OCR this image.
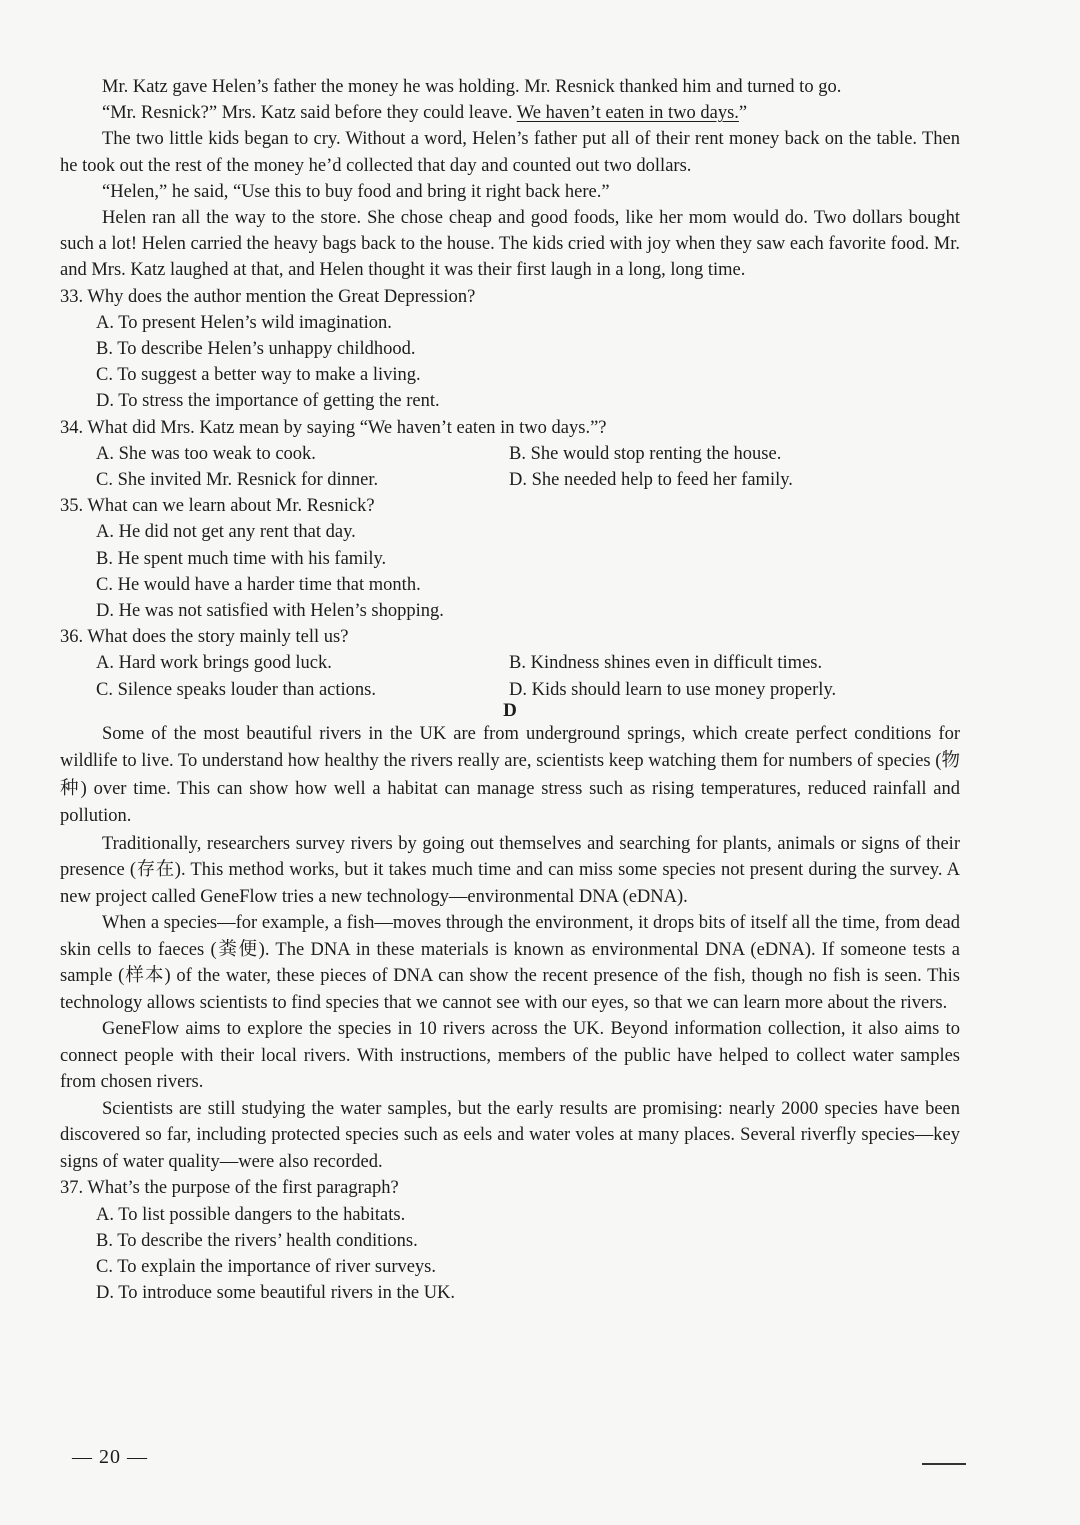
Mr. Katz gave Helen’s father the money he was holding. Mr. Resnick thanked him and turned to go.
“Mr. Resnick?” Mrs. Katz said before they could leave. We haven’t eaten in two days.”
The two little kids began to cry. Without a word, Helen’s father put all of their rent money back on the table. Then he took out the rest of the money he’d collected that day and counted out two dollars.
“Helen,” he said, “Use this to buy food and bring it right back here.”
Helen ran all the way to the store. She chose cheap and good foods, like her mom would do. Two dollars bought such a lot! Helen carried the heavy bags back to the house. The kids cried with joy when they saw each favorite food. Mr. and Mrs. Katz laughed at that, and Helen thought it was their first laugh in a long, long time.
33. Why does the author mention the Great Depression?
A. To present Helen’s wild imagination.
B. To describe Helen’s unhappy childhood.
C. To suggest a better way to make a living.
D. To stress the importance of getting the rent.
34. What did Mrs. Katz mean by saying “We haven’t eaten in two days.”?
A. She was too weak to cook.	B. She would stop renting the house.
C. She invited Mr. Resnick for dinner.	D. She needed help to feed her family.
35. What can we learn about Mr. Resnick?
A. He did not get any rent that day.
B. He spent much time with his family.
C. He would have a harder time that month.
D. He was not satisfied with Helen’s shopping.
36. What does the story mainly tell us?
A. Hard work brings good luck.	B. Kindness shines even in difficult times.
C. Silence speaks louder than actions.	D. Kids should learn to use money properly.
D
Some of the most beautiful rivers in the UK are from underground springs, which create perfect conditions for wildlife to live. To understand how healthy the rivers really are, scientists keep watching them for numbers of species (物种) over time. This can show how well a habitat can manage stress such as rising temperatures, reduced rainfall and pollution.
Traditionally, researchers survey rivers by going out themselves and searching for plants, animals or signs of their presence (存在). This method works, but it takes much time and can miss some species not present during the survey. A new project called GeneFlow tries a new technology—environmental DNA (eDNA).
When a species—for example, a fish—moves through the environment, it drops bits of itself all the time, from dead skin cells to faeces (粪便). The DNA in these materials is known as environmental DNA (eDNA). If someone tests a sample (样本) of the water, these pieces of DNA can show the recent presence of the fish, though no fish is seen. This technology allows scientists to find species that we cannot see with our eyes, so that we can learn more about the rivers.
GeneFlow aims to explore the species in 10 rivers across the UK. Beyond information collection, it also aims to connect people with their local rivers. With instructions, members of the public have helped to collect water samples from chosen rivers.
Scientists are still studying the water samples, but the early results are promising: nearly 2000 species have been discovered so far, including protected species such as eels and water voles at many places. Several riverfly species—key signs of water quality—were also recorded.
37. What’s the purpose of the first paragraph?
A. To list possible dangers to the habitats.
B. To describe the rivers’ health conditions.
C. To explain the importance of river surveys.
D. To introduce some beautiful rivers in the UK.
— 20 —
